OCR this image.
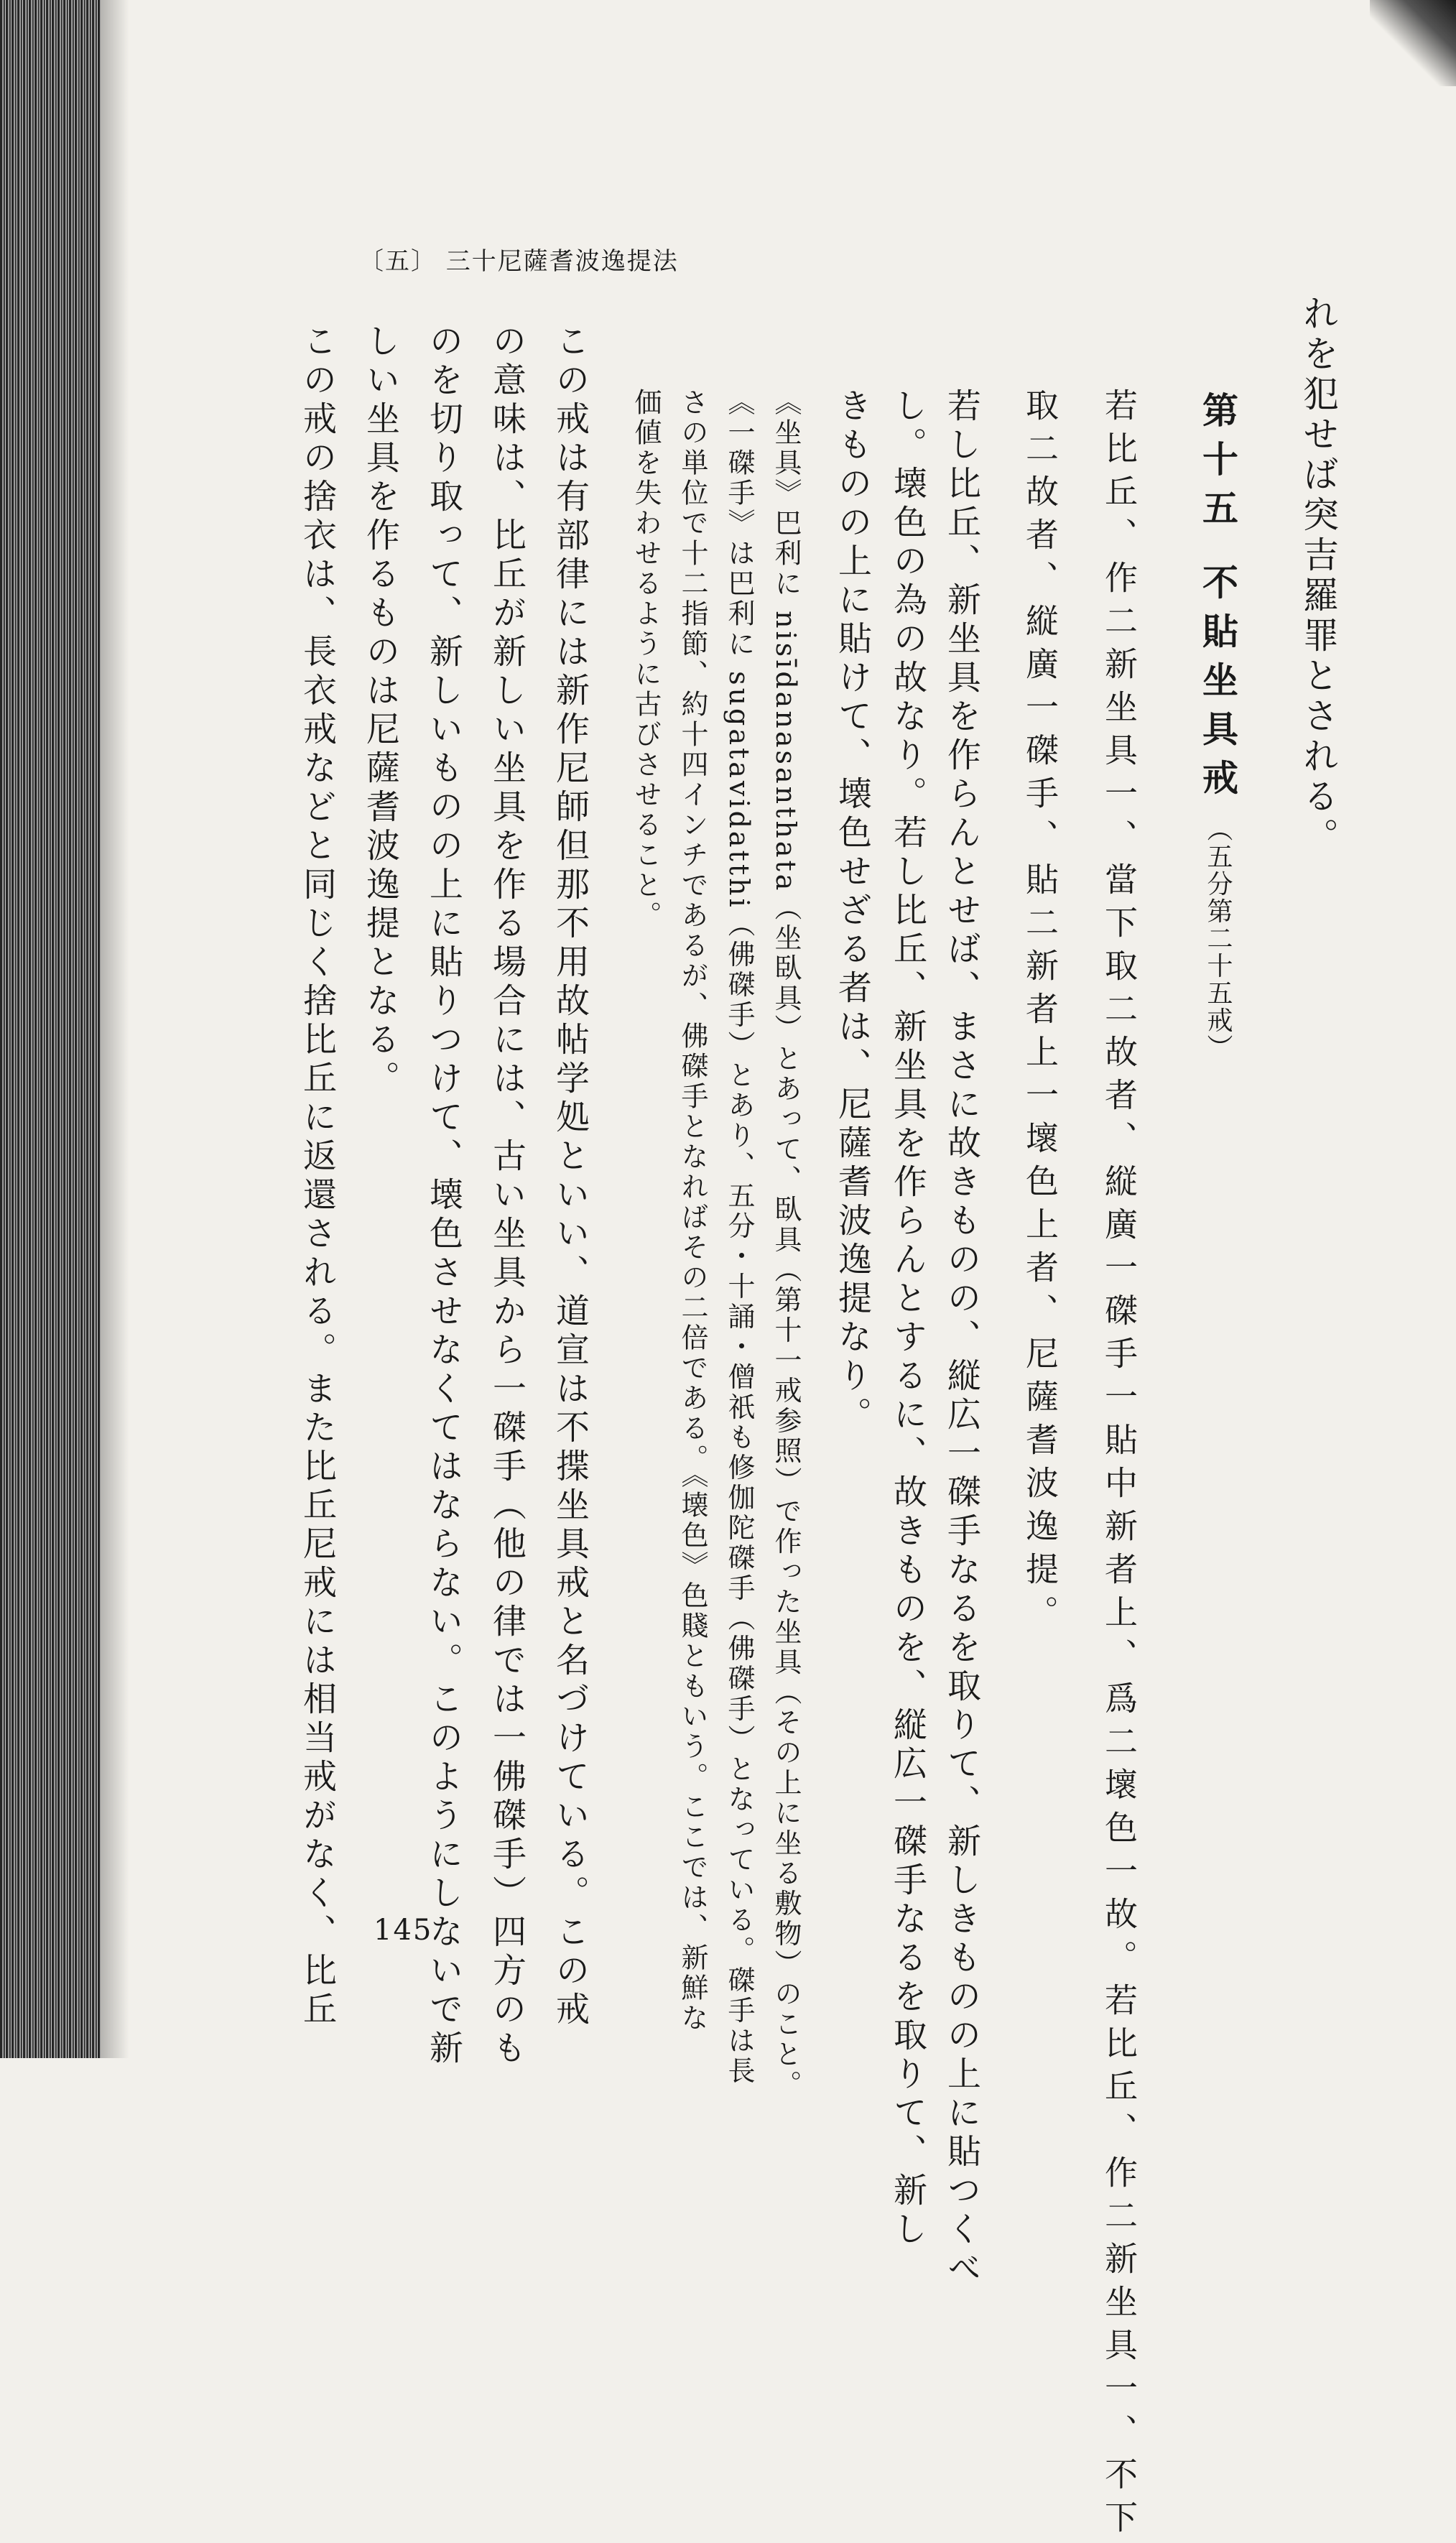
〔五〕 三十尼薩耆波逸提法
れを犯せば突吉羅罪とされる。
第十五 不貼坐具戒 （五分第二十五戒）
若比丘、作二新坐具一、當下取二故者、縦廣一磔手一貼中新者上、爲二壞色一故。若比丘、作二新坐具一、不下
取二故者、縦廣一磔手、貼二新者上一壞色上者、尼薩耆波逸提。
若し比丘、新坐具を作らんとせば、まさに故きものの、縦広一磔手なるを取りて、新しきものの上に貼つくべ
し。壊色の為の故なり。若し比丘、新坐具を作らんとするに、故きものを、縦広一磔手なるを取りて、新し
きものの上に貼けて、壊色せざる者は、尼薩耆波逸提なり。
《坐具》巴利に nisīdanasanthata（坐臥具）とあって、臥具（第十一戒参照）で作った坐具（その上に坐る敷物）のこと。
《一磔手》は巴利に sugatavidatthi（佛磔手）とあり、五分・十誦・僧祇も修伽陀磔手（佛磔手）となっている。磔手は長
さの単位で十二指節、約十四インチであるが、佛磔手となればその二倍である。《壊色》色賤ともいう。ここでは、新鮮な
価値を失わせるように古びさせること。
この戒は有部律には新作尼師但那不用故帖学処といい、道宣は不揲坐具戒と名づけている。この戒
の意味は、比丘が新しい坐具を作る場合には、古い坐具から一磔手（他の律では一佛磔手）四方のも
のを切り取って、新しいものの上に貼りつけて、壊色させなくてはならない。このようにしないで新
しい坐具を作るものは尼薩耆波逸提となる。
この戒の捨衣は、長衣戒などと同じく捨比丘に返還される。また比丘尼戒には相当戒がなく、比丘 145
